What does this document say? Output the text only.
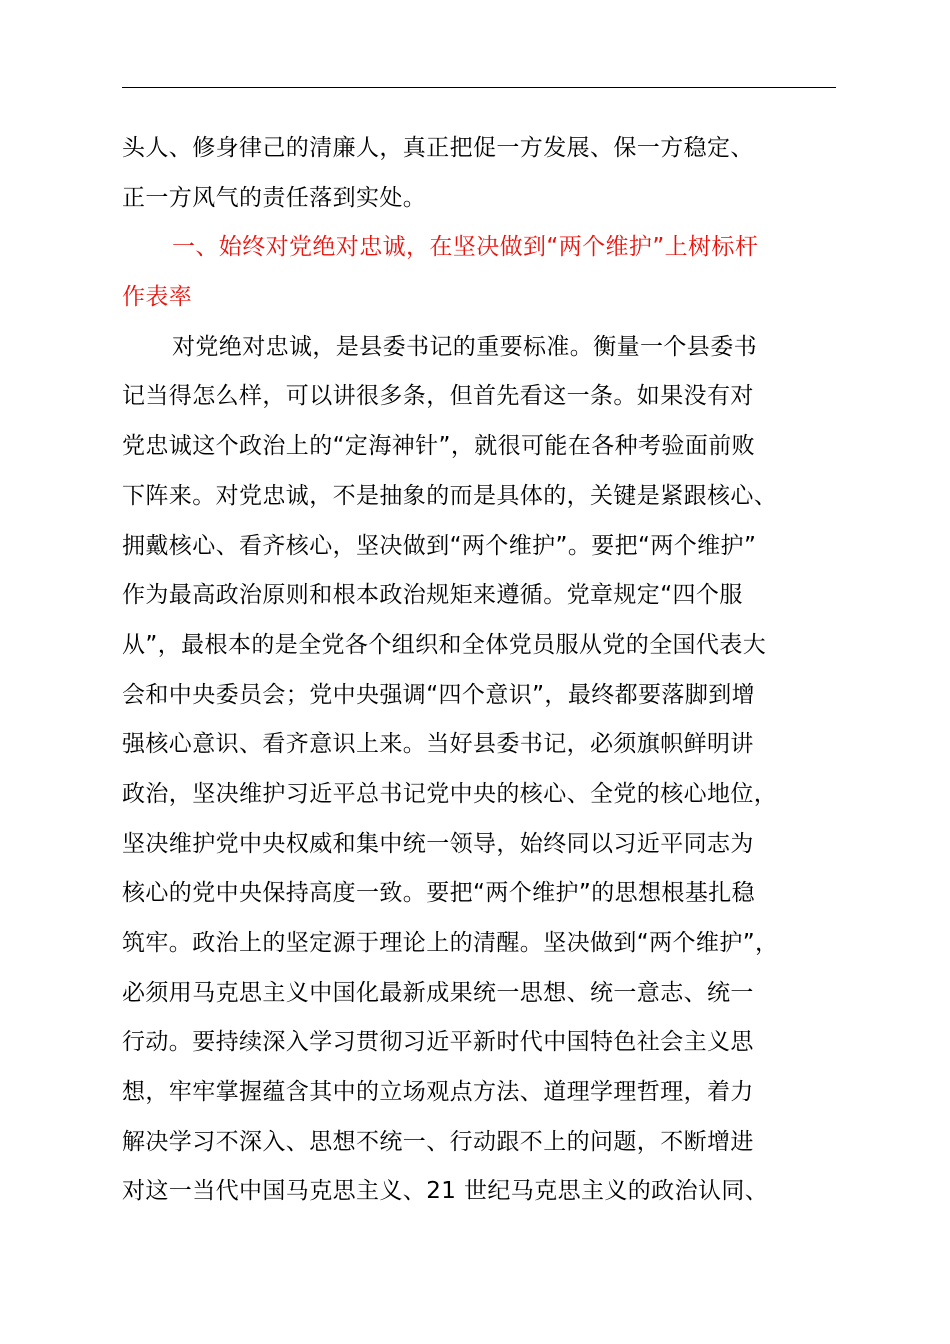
头人、修身律己的清廉人，真正把促一方发展、保一方稳定、
正一方风气的责任落到实处。
一、始终对党绝对忠诚，在坚决做到“两个维护”上树标杆
作表率
对党绝对忠诚，是县委书记的重要标准。衡量一个县委书
记当得怎么样，可以讲很多条，但首先看这一条。如果没有对
党忠诚这个政治上的“定海神针”，就很可能在各种考验面前败
下阵来。对党忠诚，不是抽象的而是具体的，关键是紧跟核心、
拥戴核心、看齐核心，坚决做到“两个维护”。要把“两个维护”
作为最高政治原则和根本政治规矩来遵循。党章规定“四个服
从”，最根本的是全党各个组织和全体党员服从党的全国代表大
会和中央委员会；党中央强调“四个意识”，最终都要落脚到增
强核心意识、看齐意识上来。当好县委书记，必须旗帜鲜明讲
政治，坚决维护习近平总书记党中央的核心、全党的核心地位，
坚决维护党中央权威和集中统一领导，始终同以习近平同志为
核心的党中央保持高度一致。要把“两个维护”的思想根基扎稳
筑牢。政治上的坚定源于理论上的清醒。坚决做到“两个维护”，
必须用马克思主义中国化最新成果统一思想、统一意志、统一
行动。要持续深入学习贯彻习近平新时代中国特色社会主义思
想，牢牢掌握蕴含其中的立场观点方法、道理学理哲理，着力
解决学习不深入、思想不统一、行动跟不上的问题，不断增进
对这一当代中国马克思主义、21 世纪马克思主义的政治认同、
